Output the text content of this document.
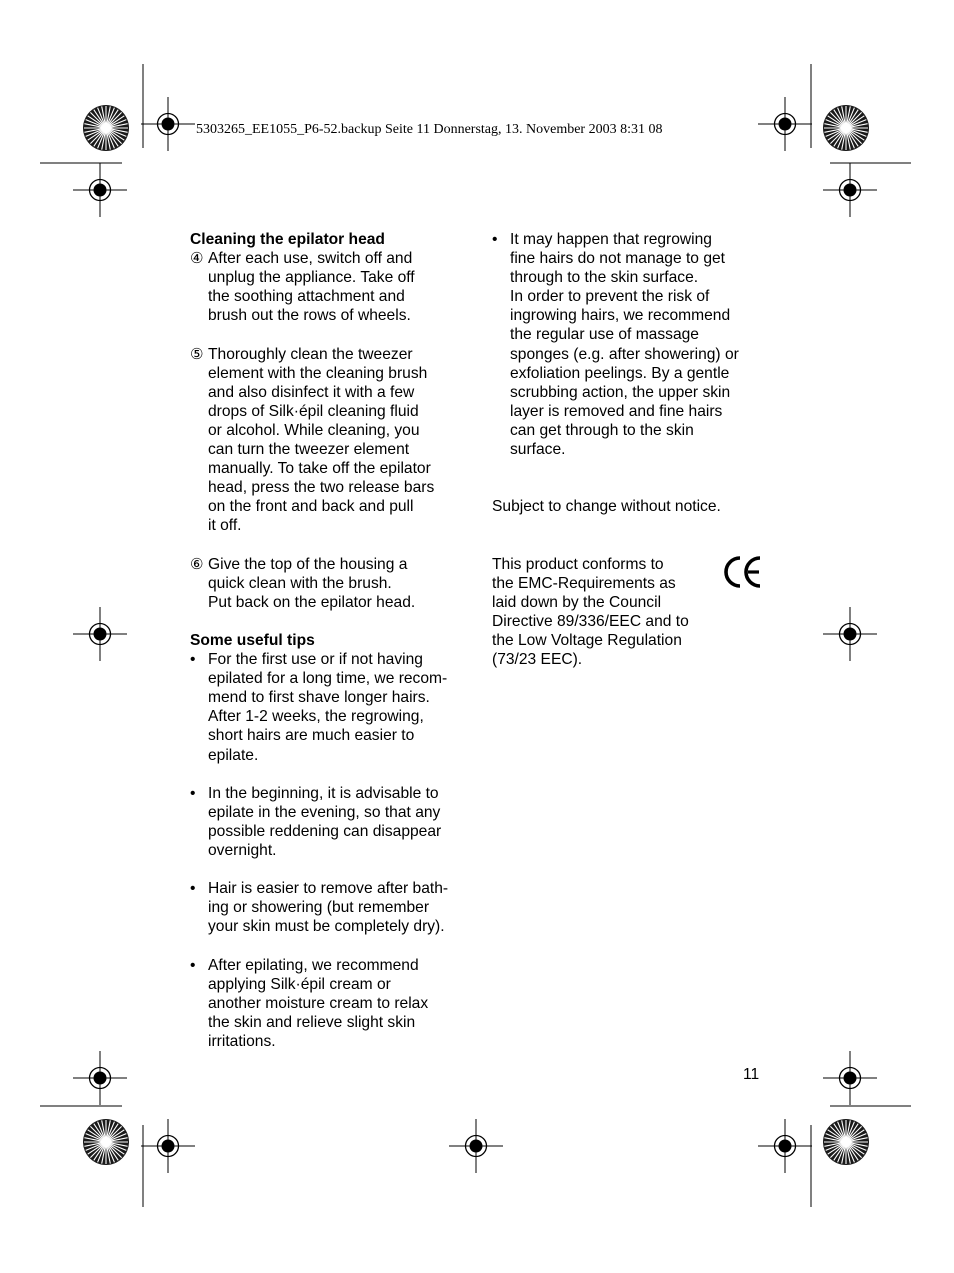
5303265_EE1055_P6-52.backup Seite 11 Donnerstag, 13. November 2003 8:31 08
Cleaning the epilator head
④ After each use, switch off and
unplug the appliance. Take off
the soothing attachment and
brush out the rows of wheels.
⑤ Thoroughly clean the tweezer
element with the cleaning brush
and also disinfect it with a few
drops of Silk·épil cleaning fluid
or alcohol. While cleaning, you
can turn the tweezer element
manually. To take off the epilator
head, press the two release bars
on the front and back and pull
it off.
⑥ Give the top of the housing a
quick clean with the brush.
Put back on the epilator head.
Some useful tips
• For the first use or if not having
epilated for a long time, we recom-
mend to first shave longer hairs.
After 1-2 weeks, the regrowing,
short hairs are much easier to
epilate.
• In the beginning, it is advisable to
epilate in the evening, so that any
possible reddening can disappear
overnight.
• Hair is easier to remove after bath-
ing or showering (but remember
your skin must be completely dry).
• After epilating, we recommend
applying Silk·épil cream or
another moisture cream to relax
the skin and relieve slight skin
irritations.
• It may happen that regrowing
fine hairs do not manage to get
through to the skin surface.
In order to prevent the risk of
ingrowing hairs, we recommend
the regular use of massage
sponges (e.g. after showering) or
exfoliation peelings. By a gentle
scrubbing action, the upper skin
layer is removed and fine hairs
can get through to the skin
surface.
Subject to change without notice.
This product conforms to
the EMC-Requirements as
laid down by the Council
Directive 89/336/EEC and to
the Low Voltage Regulation
(73/23 EEC).
11
